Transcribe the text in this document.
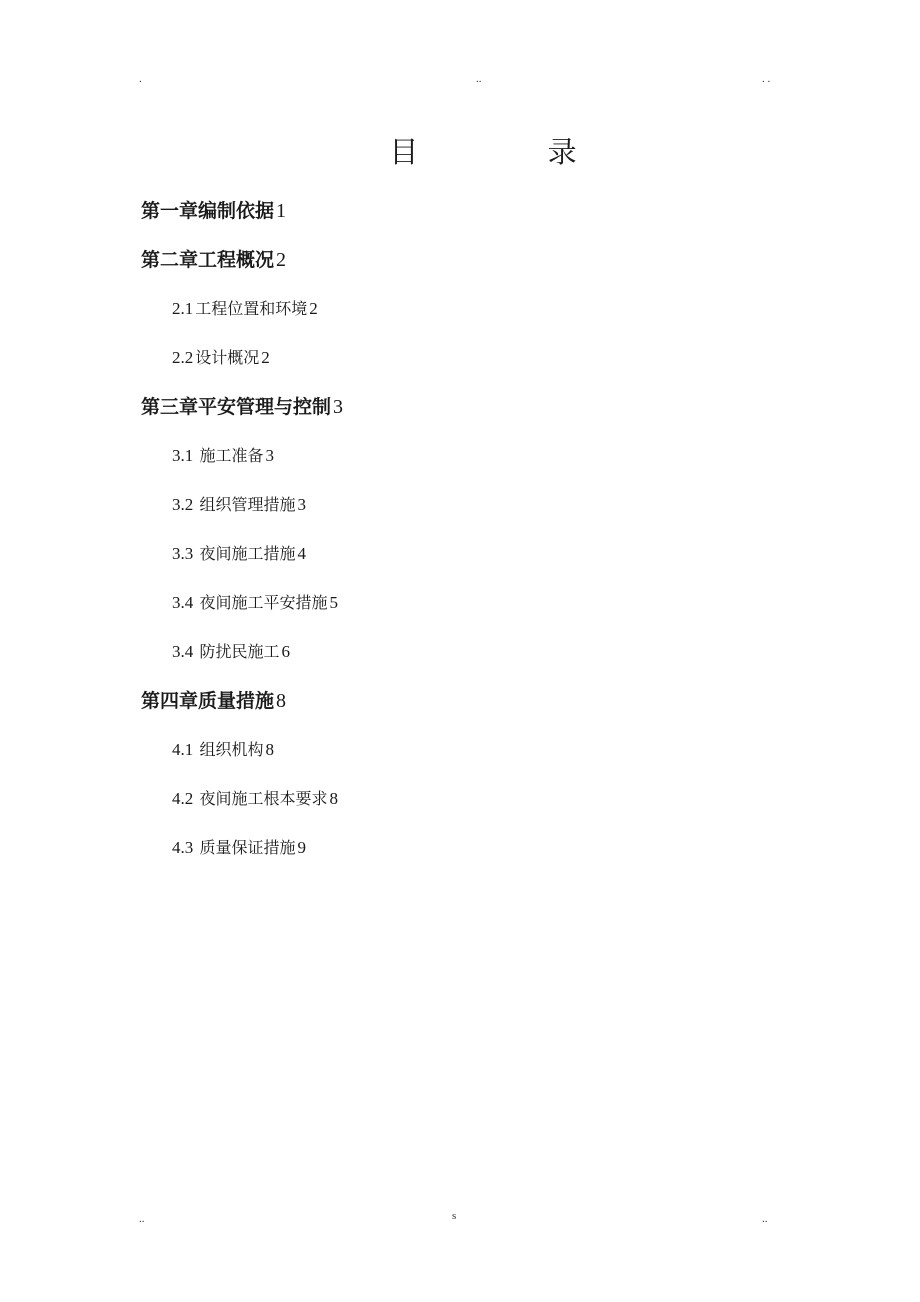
.	..	. .
目 录
第一章编制依据 1
第二章工程概况 2
2.1 工程位置和环境 2
2.2 设计概况 2
第三章平安管理与控制 3
3.1 施工准备 3
3.2 组织管理措施 3
3.3 夜间施工措施 4
3.4 夜间施工平安措施 5
3.4 防扰民施工 6
第四章质量措施 8
4.1 组织机构 8
4.2 夜间施工根本要求 8
4.3 质量保证措施 9
..	s	..
